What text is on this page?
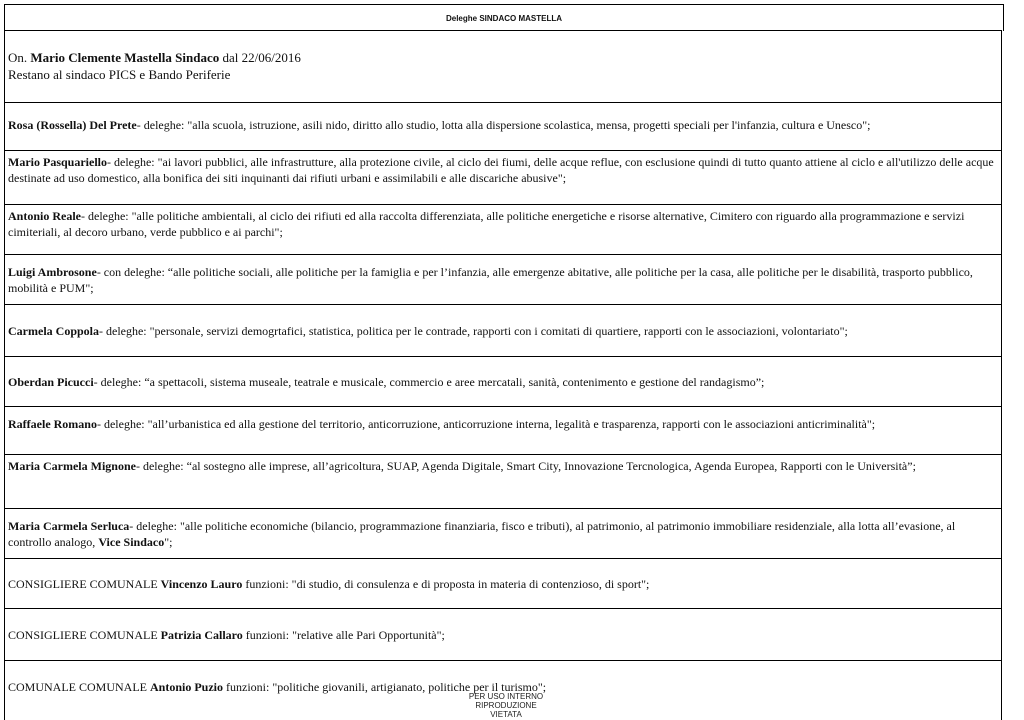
Deleghe SINDACO MASTELLA
On. Mario Clemente Mastella Sindaco dal 22/06/2016
Restano al sindaco PICS e Bando Periferie
Rosa (Rossella) Del Prete- deleghe: "alla scuola, istruzione, asili nido, diritto allo studio, lotta alla dispersione scolastica, mensa, progetti speciali per l'infanzia, cultura e Unesco";
Mario Pasquariello- deleghe: "ai lavori pubblici, alle infrastrutture, alla protezione civile, al ciclo dei fiumi, delle acque reflue, con esclusione quindi di tutto quanto attiene al ciclo e all'utilizzo delle acque destinate ad uso domestico, alla bonifica dei siti inquinanti dai rifiuti urbani e assimilabili e alle discariche abusive";
Antonio Reale- deleghe: "alle politiche ambientali, al ciclo dei rifiuti ed alla raccolta differenziata, alle politiche energetiche e risorse alternative, Cimitero con riguardo alla programmazione e servizi cimiteriali, al decoro urbano, verde pubblico e ai parchi";
Luigi Ambrosone- con deleghe: “alle politiche sociali, alle politiche per la famiglia e per l’infanzia, alle emergenze abitative, alle politiche per la casa, alle politiche per le disabilità, trasporto pubblico, mobilità e PUM";
Carmela Coppola- deleghe: "personale, servizi demogrtafici, statistica, politica per le contrade, rapporti con i comitati di quartiere, rapporti con le associazioni, volontariato";
Oberdan Picucci- deleghe: “a spettacoli, sistema museale, teatrale e musicale, commercio e aree mercatali, sanità, contenimento e gestione del randagismo”;
Raffaele Romano- deleghe: "all’urbanistica ed alla gestione del territorio, anticorruzione, anticorruzione interna, legalità e trasparenza, rapporti con le associazioni anticriminalità";
Maria Carmela Mignone- deleghe: “al sostegno alle imprese, all’agricoltura, SUAP, Agenda Digitale, Smart City, Innovazione Tercnologica, Agenda Europea, Rapporti con le Università”;
Maria Carmela Serluca- deleghe: "alle politiche economiche (bilancio, programmazione finanziaria, fisco e tributi), al patrimonio, al patrimonio immobiliare residenziale, alla lotta all’evasione, al controllo analogo, Vice Sindaco";
CONSIGLIERE COMUNALE Vincenzo Lauro funzioni: "di studio, di consulenza e di proposta in materia di contenzioso, di sport";
CONSIGLIERE COMUNALE Patrizia Callaro funzioni: "relative alle Pari Opportunità";
COMUNALE COMUNALE Antonio Puzio funzioni: "politiche giovanili, artigianato, politiche per il turismo";
PER USO INTERNO
RIPRODUZIONE VIETATA
